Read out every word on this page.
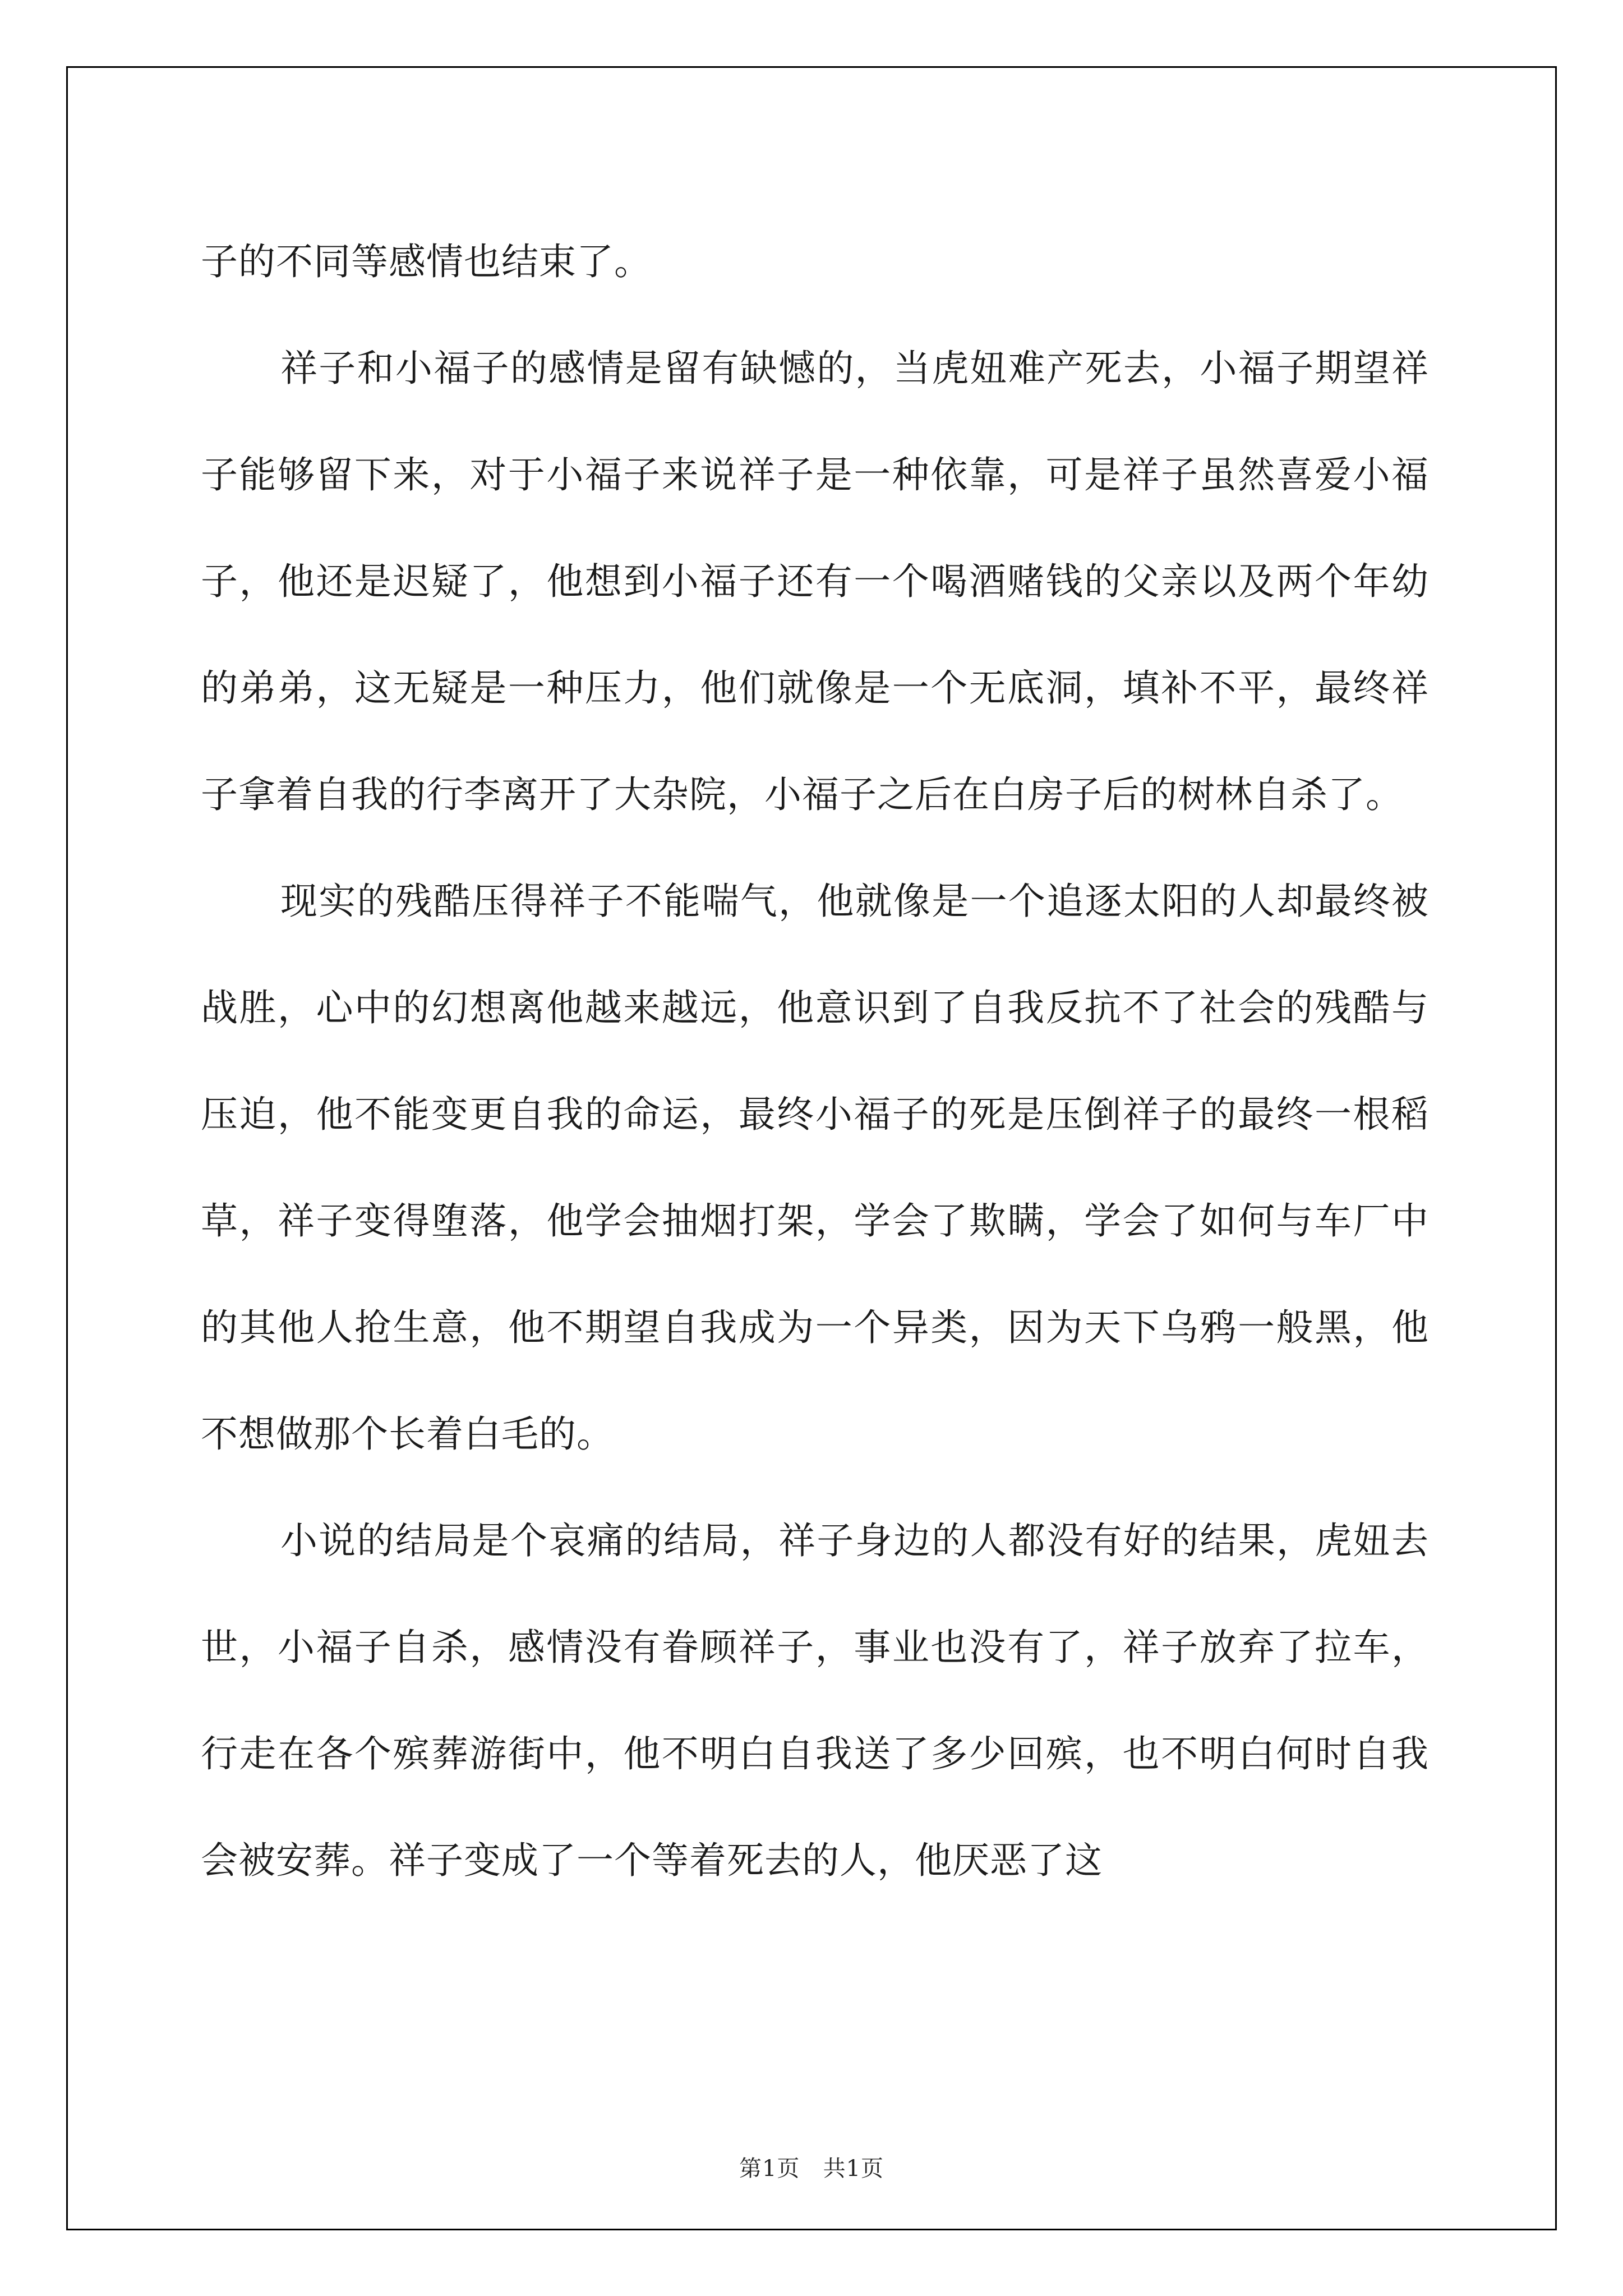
子的不同等感情也结束了。

祥子和小福子的感情是留有缺憾的，当虎妞难产死去，小福子期望祥子能够留下来，对于小福子来说祥子是一种依靠，可是祥子虽然喜爱小福子，他还是迟疑了，他想到小福子还有一个喝酒赌钱的父亲以及两个年幼的弟弟，这无疑是一种压力，他们就像是一个无底洞，填补不平，最终祥子拿着自我的行李离开了大杂院，小福子之后在白房子后的树林自杀了。

现实的残酷压得祥子不能喘气，他就像是一个追逐太阳的人却最终被战胜，心中的幻想离他越来越远，他意识到了自我反抗不了社会的残酷与压迫，他不能变更自我的命运，最终小福子的死是压倒祥子的最终一根稻草，祥子变得堕落，他学会抽烟打架，学会了欺瞒，学会了如何与车厂中的其他人抢生意，他不期望自我成为一个异类，因为天下乌鸦一般黑，他不想做那个长着白毛的。

小说的结局是个哀痛的结局，祥子身边的人都没有好的结果，虎妞去世，小福子自杀，感情没有眷顾祥子，事业也没有了，祥子放弃了拉车，行走在各个殡葬游街中，他不明白自我送了多少回殡，也不明白何时自我会被安葬。祥子变成了一个等着死去的人，他厌恶了这

第1页 共1页
